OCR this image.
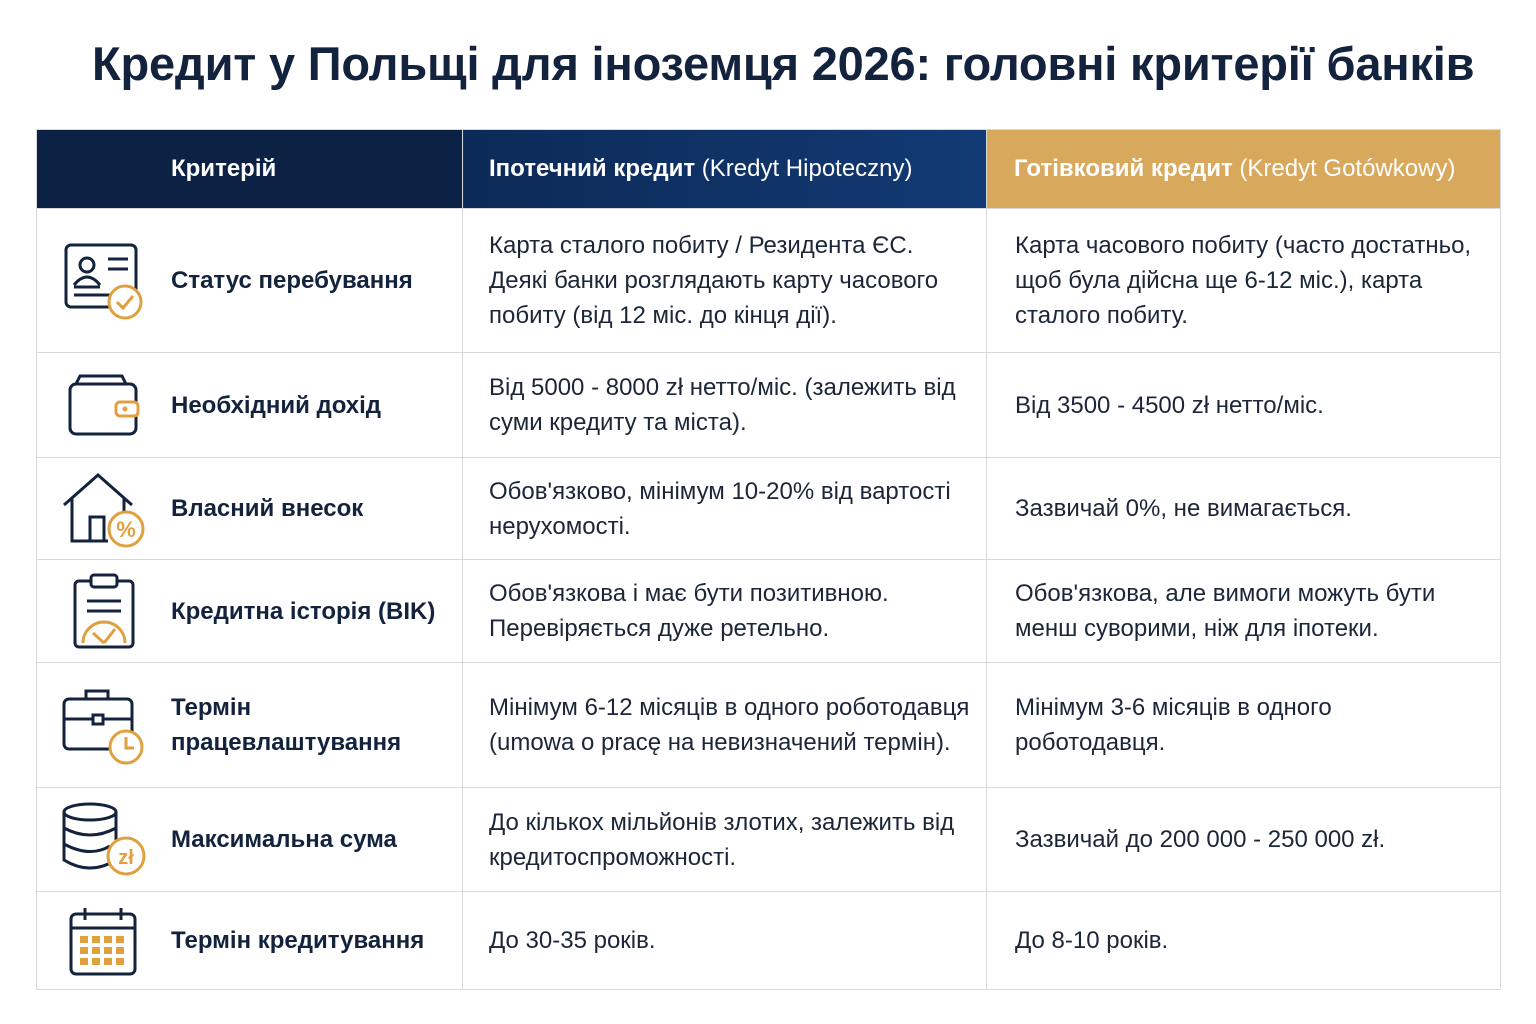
Кредит у Польщі для іноземця 2026: головні критерії банків
Критерій	Іпотечний кредит (Kredyt Hipoteczny)	Готівковий кредит (Kredyt Gotówkowy)

Статус перебування	Карта сталого побиту / Резидента ЄС. Деякі банки розглядають карту часового побиту (від 12 міс. до кінця дії).	Карта часового побиту (часто достатньо, щоб була дійсна ще 6-12 міс.), карта сталого побиту.

Необхідний дохід	Від 5000 - 8000 zł нетто/міс. (залежить від суми кредиту та міста).	Від 3500 - 4500 zł нетто/міс.

%
Власний внесок	Обов'язково, мінімум 10-20% від вартості нерухомості.	Зазвичай 0%, не вимагається.

Кредитна історія (BIK)	Обов'язкова і має бути позитивною. Перевіряється дуже ретельно.	Обов'язкова, але вимоги можуть бути менш суворими, ніж для іпотеки.

Термін працевлаштування	Мінімум 6-12 місяців в одного роботодавця (umowa o pracę на невизначений термін).	Мінімум 3-6 місяців в одного роботодавця.

zł
Максимальна сума	До кількох мільйонів злотих, залежить від кредитоспроможності.	Зазвичай до 200 000 - 250 000 zł.

Термін кредитування	До 30-35 років.	До 8-10 років.
